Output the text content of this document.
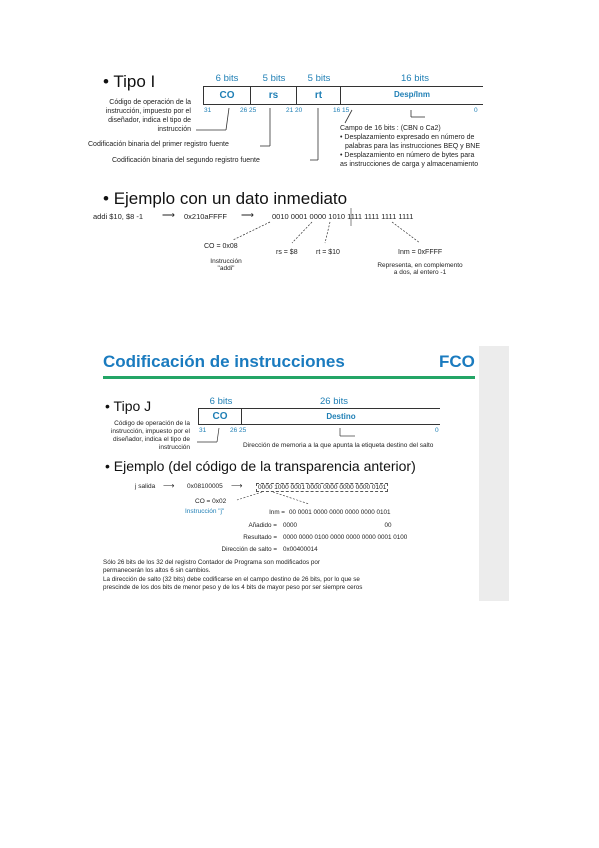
• Tipo I	6 bits	5 bits	5 bits	16 bits
CO	rs	rt	Desp/Inm
31	26 25	21 20	16 15	0
Código de operación de la
instrucción, impuesto por el
diseñador, indica el tipo de
instrucción
Codificación binaria del primer registro fuente
Codificación binaria del segundo registro fuente
Campo de 16 bits : (CBN o Ca2)
• Desplazamiento expresado en número de
palabras para las instrucciones BEQ y BNE
• Desplazamiento en número de bytes para
as instrucciones de carga y almacenamiento
• Ejemplo con un dato inmediato
addi $10, $8 -1 ⟶ 0x210aFFFF ⟶ 0010 0001 0000 1010 1111 1111 1111 1111
CO = 0x08
Instrucción
"addi"
rs = $8	rt = $10	Inm = 0xFFFF
Representa, en complemento
a dos, al entero -1
Codificación de instrucciones	FCO
• Tipo J	6 bits	26 bits
CO	Destino
31	26 25	0
Código de operación de la
instrucción, impuesto por el
diseñador, indica el tipo de
instrucción	Dirección de memoria a la que apunta la etiqueta destino del salto
• Ejemplo (del código de la transparencia anterior)
j salida ⟶ 0x08100005 ⟶	0000 1000 0001 0000 0000 0000 0000 0101
CO = 0x02
Instrucción "j"	Inm = 00 0001 0000 0000 0000 0000 0101
Añadido = 0000                                                  00
Resultado = 0000 0000 0100 0000 0000 0000 0001 0100
Dirección de salto = 0x00400014
Sólo 26 bits de los 32 del registro Contador de Programa son modificados por
permanecerán los altos 6 sin cambios.
La dirección de salto (32 bits) debe codificarse en el campo destino de 26 bits, por lo que se
prescinde de los dos bits de menor peso y de los 4 bits de mayor peso por ser siempre ceros
